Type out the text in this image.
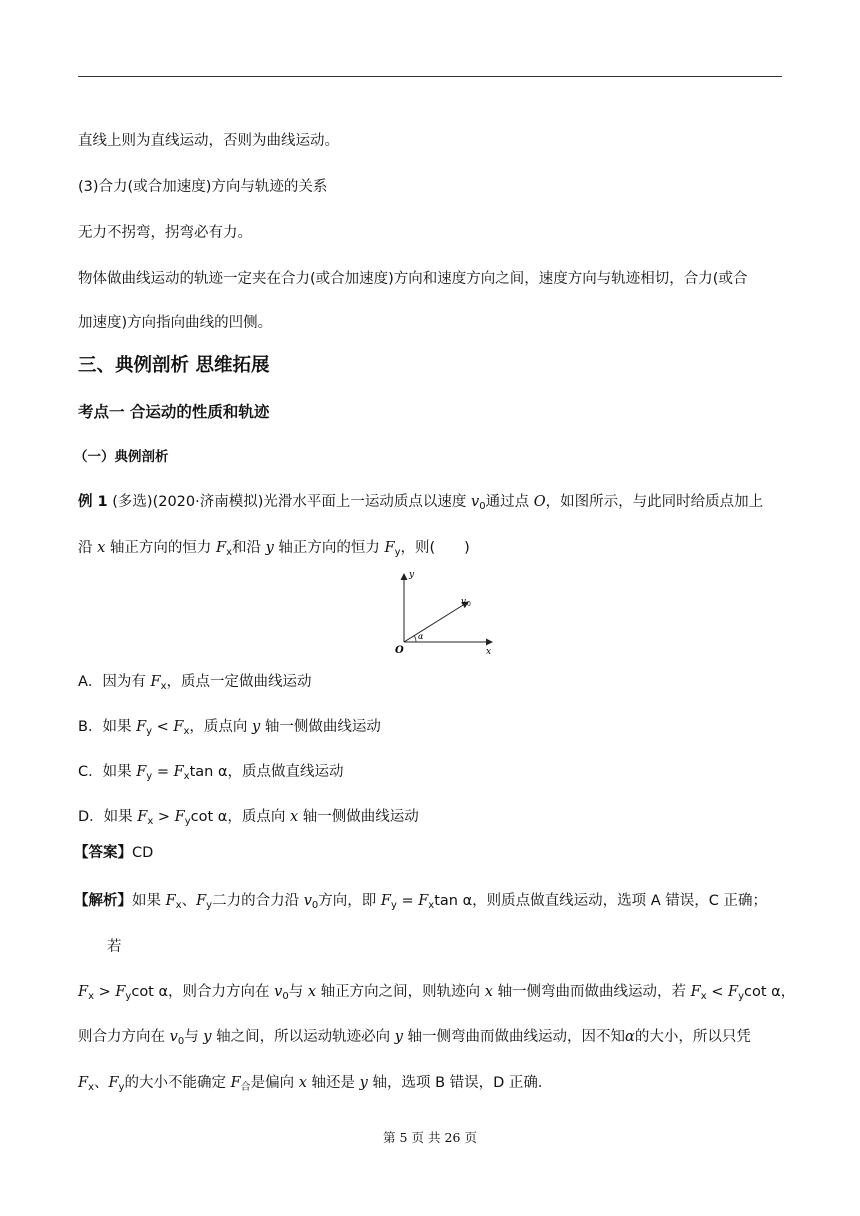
直线上则为直线运动，否则为曲线运动。
(3)合力(或合加速度)方向与轨迹的关系
无力不拐弯，拐弯必有力。
物体做曲线运动的轨迹一定夹在合力(或合加速度)方向和速度方向之间，速度方向与轨迹相切，合力(或合
加速度)方向指向曲线的凹侧。
三、典例剖析 思维拓展
考点一 合运动的性质和轨迹
（一）典例剖析
例 1 (多选)(2020·济南模拟)光滑水平面上一运动质点以速度 $v_0$通过点 O，如图所示，与此同时给质点加上
沿 x 轴正方向的恒力 $F_x$和沿 y 轴正方向的恒力 $F_y$，则(　　)
y
x
O
v 0
α
A．因为有 $F_x$，质点一定做曲线运动
B．如果 $F_y < F_x$，质点向 y 轴一侧做曲线运动
C．如果 $F_y = F_x\tan$ α，质点做直线运动
D．如果 $F_x > F_y\cot$ α，质点向 x 轴一侧做曲线运动
【答案】CD
【解析】如果 $F_x$、$F_y$二力的合力沿 $v_0$方向，即 $F_y = F_x\tan$ α，则质点做直线运动，选项 A 错误，C 正确；
若
$F_x > F_y\cot$ α，则合力方向在 $v_0$与 x 轴正方向之间，则轨迹向 x 轴一侧弯曲而做曲线运动，若 $F_x < F_y\cot$ α，
则合力方向在 $v_0$与 y 轴之间，所以运动轨迹必向 y 轴一侧弯曲而做曲线运动，因不知α的大小，所以只凭
$F_x$、$F_y$的大小不能确定 $F_合$是偏向 x 轴还是 y 轴，选项 B 错误，D 正确．
第 5 页 共 26 页
